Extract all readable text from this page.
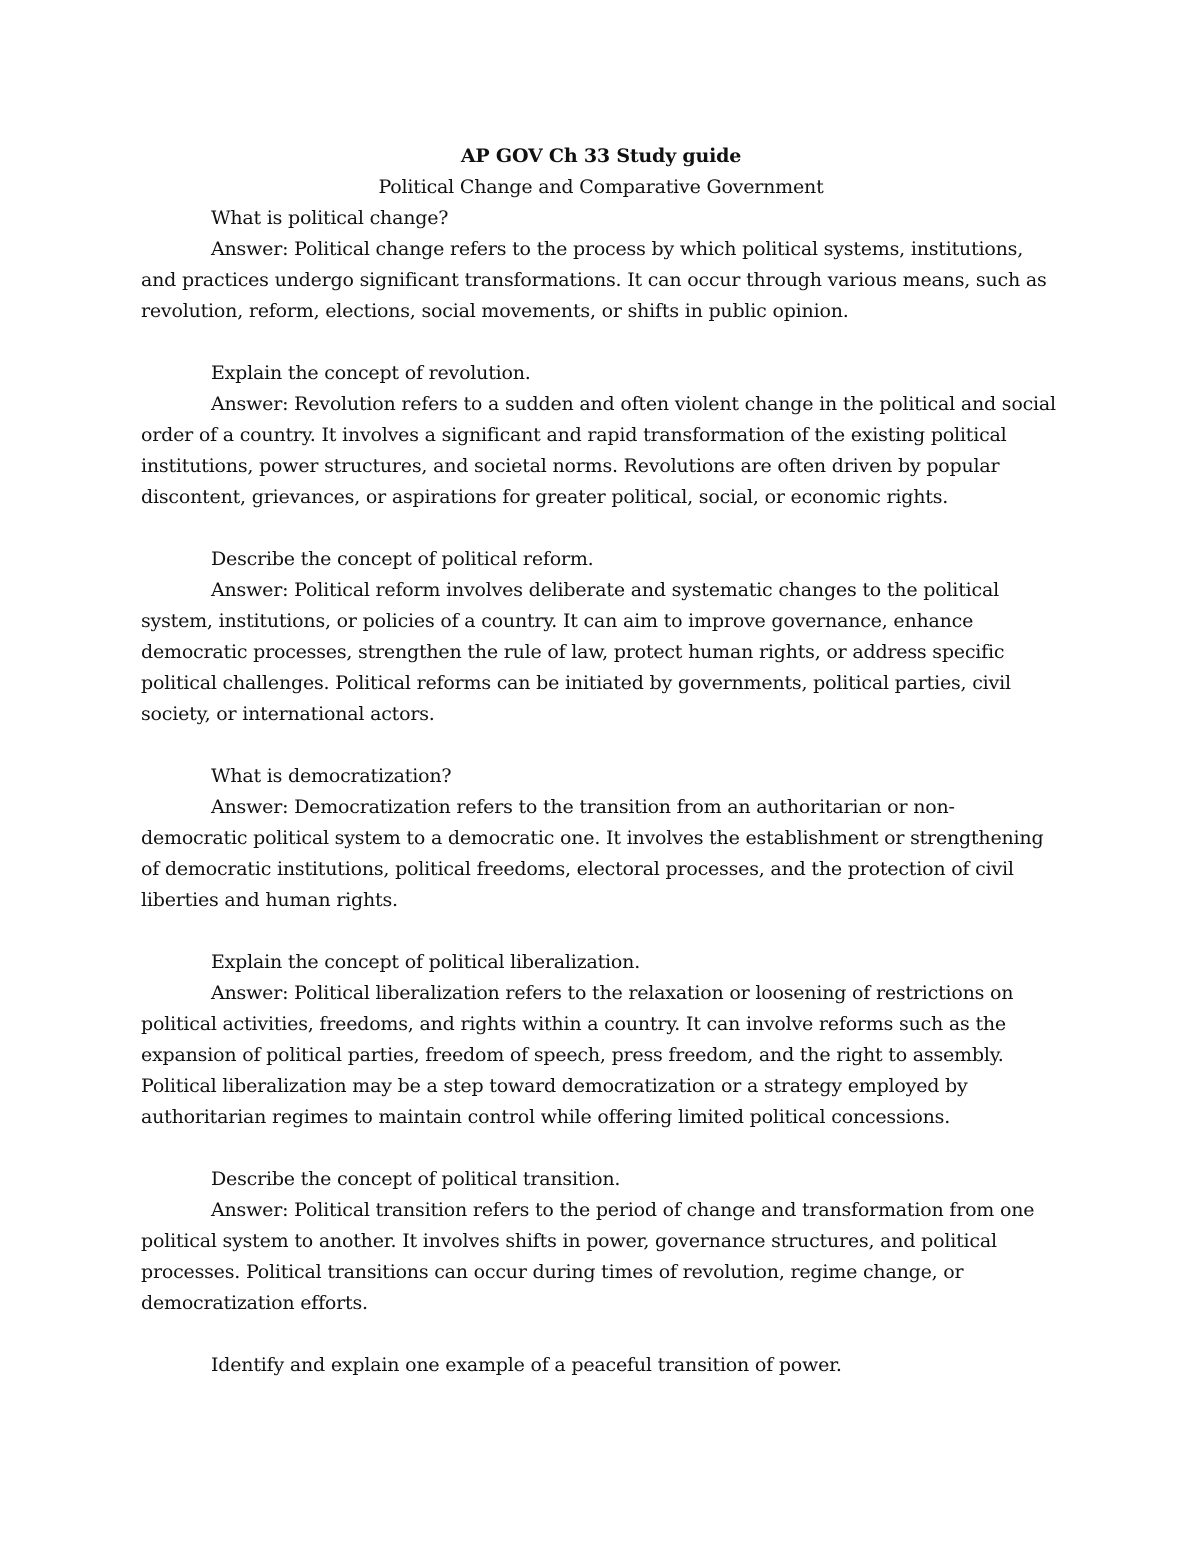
AP GOV Ch 33 Study guide

Political Change and Comparative Government

What is political change?

Answer: Political change refers to the process by which political systems, institutions, and practices undergo significant transformations. It can occur through various means, such as revolution, reform, elections, social movements, or shifts in public opinion.

Explain the concept of revolution.

Answer: Revolution refers to a sudden and often violent change in the political and social order of a country. It involves a significant and rapid transformation of the existing political institutions, power structures, and societal norms. Revolutions are often driven by popular discontent, grievances, or aspirations for greater political, social, or economic rights.

Describe the concept of political reform.

Answer: Political reform involves deliberate and systematic changes to the political system, institutions, or policies of a country. It can aim to improve governance, enhance democratic processes, strengthen the rule of law, protect human rights, or address specific political challenges. Political reforms can be initiated by governments, political parties, civil society, or international actors.

What is democratization?

Answer: Democratization refers to the transition from an authoritarian or non-democratic political system to a democratic one. It involves the establishment or strengthening of democratic institutions, political freedoms, electoral processes, and the protection of civil liberties and human rights.

Explain the concept of political liberalization.

Answer: Political liberalization refers to the relaxation or loosening of restrictions on political activities, freedoms, and rights within a country. It can involve reforms such as the expansion of political parties, freedom of speech, press freedom, and the right to assembly. Political liberalization may be a step toward democratization or a strategy employed by authoritarian regimes to maintain control while offering limited political concessions.

Describe the concept of political transition.

Answer: Political transition refers to the period of change and transformation from one political system to another. It involves shifts in power, governance structures, and political processes. Political transitions can occur during times of revolution, regime change, or democratization efforts.

Identify and explain one example of a peaceful transition of power.
